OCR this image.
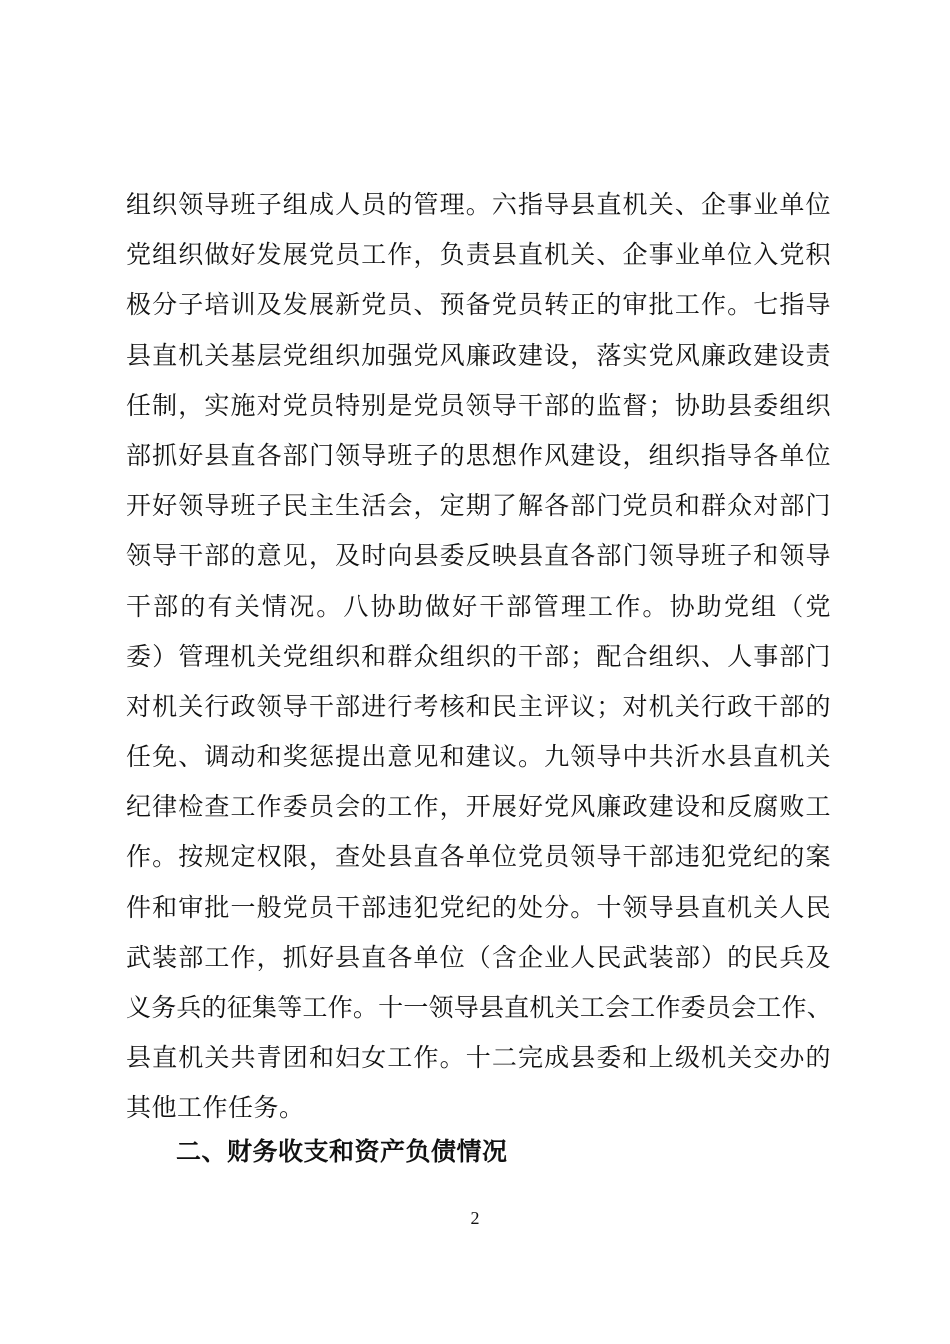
组织领导班子组成人员的管理。六指导县直机关、企事业单位
党组织做好发展党员工作，负责县直机关、企事业单位入党积
极分子培训及发展新党员、预备党员转正的审批工作。七指导
县直机关基层党组织加强党风廉政建设，落实党风廉政建设责
任制，实施对党员特别是党员领导干部的监督；协助县委组织
部抓好县直各部门领导班子的思想作风建设，组织指导各单位
开好领导班子民主生活会，定期了解各部门党员和群众对部门
领导干部的意见，及时向县委反映县直各部门领导班子和领导
干部的有关情况。八协助做好干部管理工作。协助党组（党
委）管理机关党组织和群众组织的干部；配合组织、人事部门
对机关行政领导干部进行考核和民主评议；对机关行政干部的
任免、调动和奖惩提出意见和建议。九领导中共沂水县直机关
纪律检查工作委员会的工作，开展好党风廉政建设和反腐败工
作。按规定权限，查处县直各单位党员领导干部违犯党纪的案
件和审批一般党员干部违犯党纪的处分。十领导县直机关人民
武装部工作，抓好县直各单位（含企业人民武装部）的民兵及
义务兵的征集等工作。十一领导县直机关工会工作委员会工作、
县直机关共青团和妇女工作。十二完成县委和上级机关交办的
其他工作任务。
二、财务收支和资产负债情况
2
